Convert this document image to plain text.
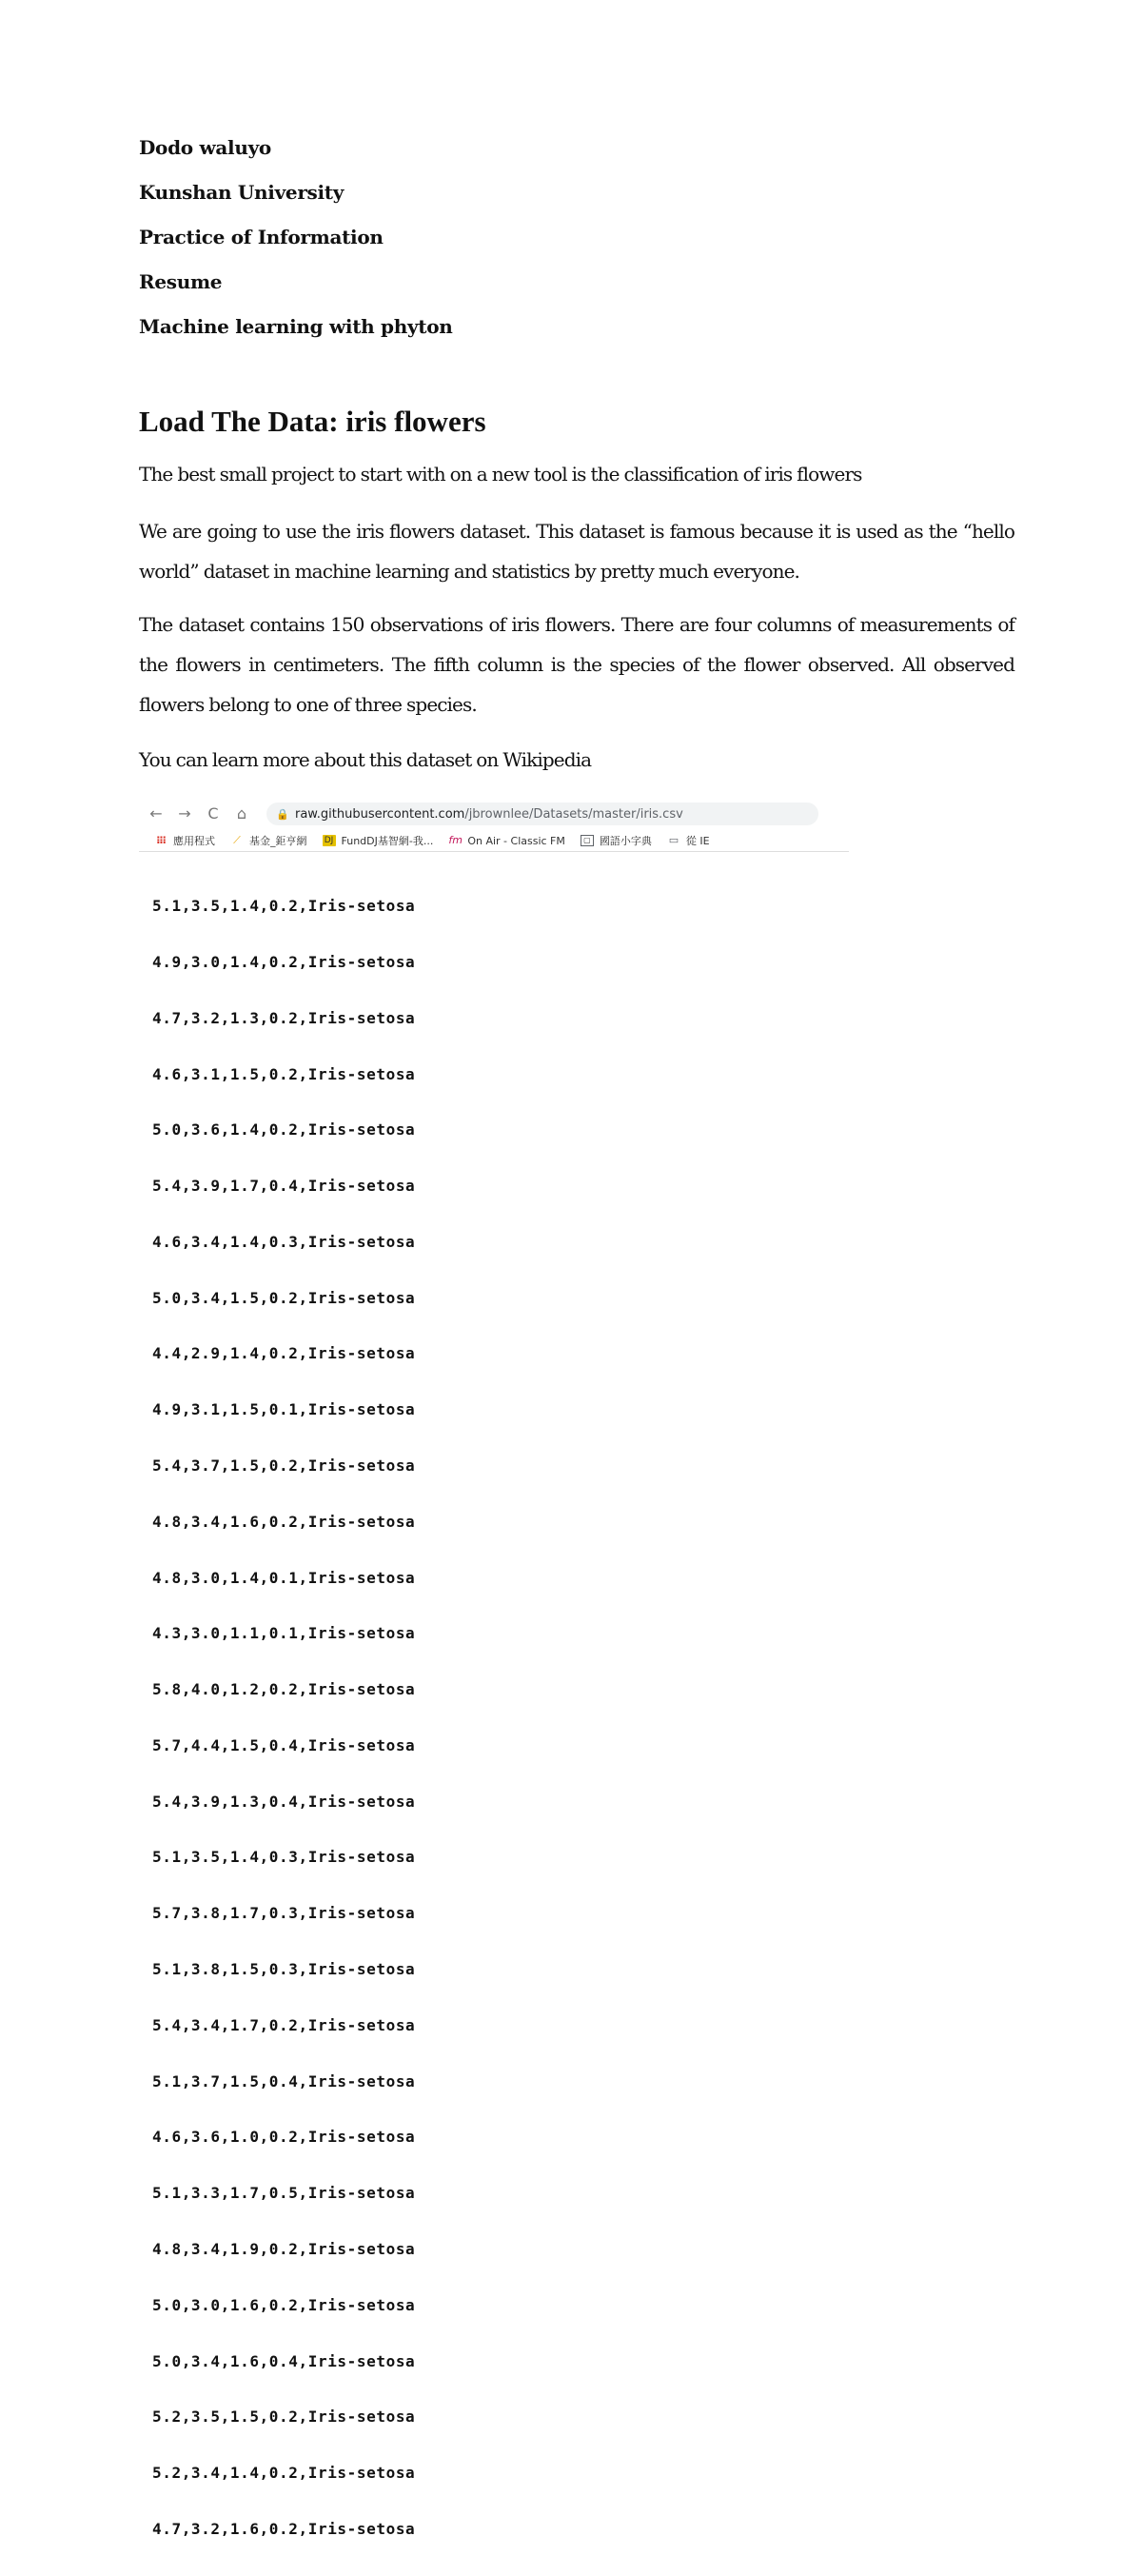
Dodo waluyo

Kunshan University

Practice of Information

Resume

Machine learning with phyton

Load The Data: iris flowers

The best small project to start with on a new tool is the classification of iris flowers

We are going to use the iris flowers dataset. This dataset is famous because it is used as the “hello world” dataset in machine learning and statistics by pretty much everyone.

The dataset contains 150 observations of iris flowers. There are four columns of measurements of the flowers in centimeters. The fifth column is the species of the flower observed. All observed flowers belong to one of three species.

You can learn more about this dataset on Wikipedia

←	→	C	⌂	🔒 raw.githubusercontent.com /jbrownlee/Datasets/master/iris.csv
⁝⁝⁝ 應用程式 ⟋ 基金_鉅亨網 DJ FundDJ基智網-我... fm On Air - Classic FM	▢ 國語小字典 ▭ 從 IE

5.1,3.5,1.4,0.2,Iris-setosa

4.9,3.0,1.4,0.2,Iris-setosa

4.7,3.2,1.3,0.2,Iris-setosa

4.6,3.1,1.5,0.2,Iris-setosa

5.0,3.6,1.4,0.2,Iris-setosa

5.4,3.9,1.7,0.4,Iris-setosa

4.6,3.4,1.4,0.3,Iris-setosa

5.0,3.4,1.5,0.2,Iris-setosa

4.4,2.9,1.4,0.2,Iris-setosa

4.9,3.1,1.5,0.1,Iris-setosa

5.4,3.7,1.5,0.2,Iris-setosa

4.8,3.4,1.6,0.2,Iris-setosa

4.8,3.0,1.4,0.1,Iris-setosa

4.3,3.0,1.1,0.1,Iris-setosa

5.8,4.0,1.2,0.2,Iris-setosa

5.7,4.4,1.5,0.4,Iris-setosa

5.4,3.9,1.3,0.4,Iris-setosa

5.1,3.5,1.4,0.3,Iris-setosa

5.7,3.8,1.7,0.3,Iris-setosa

5.1,3.8,1.5,0.3,Iris-setosa

5.4,3.4,1.7,0.2,Iris-setosa

5.1,3.7,1.5,0.4,Iris-setosa

4.6,3.6,1.0,0.2,Iris-setosa

5.1,3.3,1.7,0.5,Iris-setosa

4.8,3.4,1.9,0.2,Iris-setosa

5.0,3.0,1.6,0.2,Iris-setosa

5.0,3.4,1.6,0.4,Iris-setosa

5.2,3.5,1.5,0.2,Iris-setosa

5.2,3.4,1.4,0.2,Iris-setosa

4.7,3.2,1.6,0.2,Iris-setosa
